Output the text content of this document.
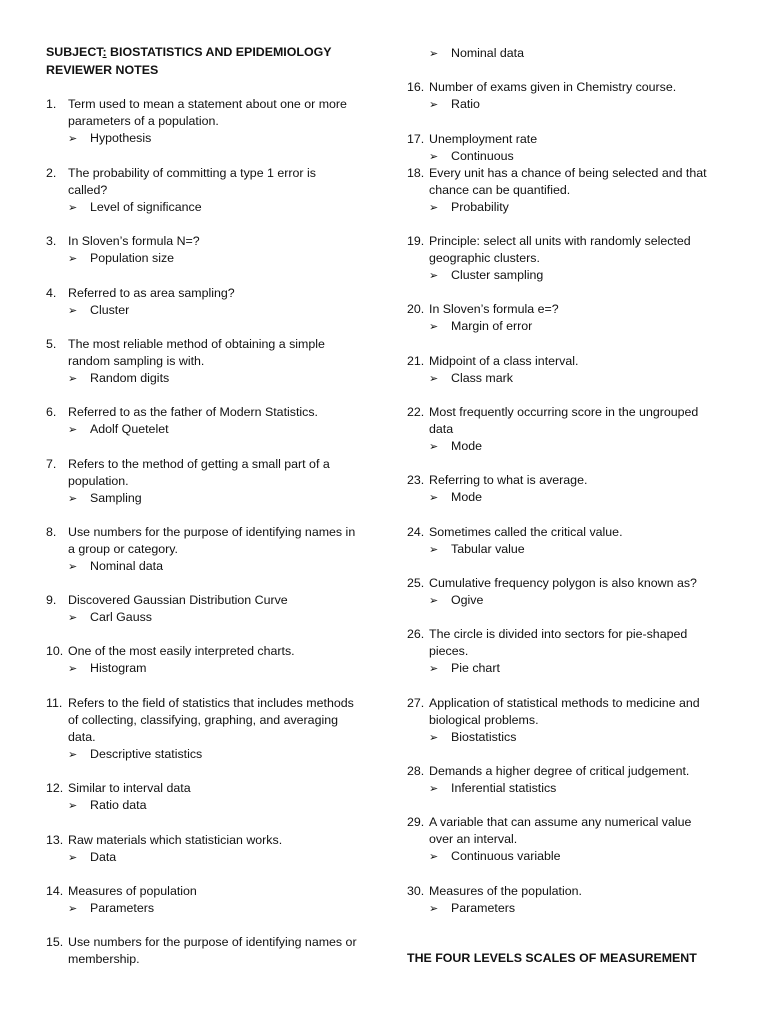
SUBJECT: BIOSTATISTICS AND EPIDEMIOLOGY
REVIEWER NOTES
1. Term used to mean a statement about one or more
parameters of a population.
➢ Hypothesis
2. The probability of committing a type 1 error is
called?
➢ Level of significance
3. In Sloven’s formula N=?
➢ Population size
4. Referred to as area sampling?
➢ Cluster
5. The most reliable method of obtaining a simple
random sampling is with.
➢ Random digits
6. Referred to as the father of Modern Statistics.
➢ Adolf Quetelet
7. Refers to the method of getting a small part of a
population.
➢ Sampling
8. Use numbers for the purpose of identifying names in
a group or category.
➢ Nominal data
9. Discovered Gaussian Distribution Curve
➢ Carl Gauss
10. One of the most easily interpreted charts.
➢ Histogram
11. Refers to the field of statistics that includes methods
of collecting, classifying, graphing, and averaging
data.
➢ Descriptive statistics
12. Similar to interval data
➢ Ratio data
13. Raw materials which statistician works.
➢ Data
14. Measures of population
➢ Parameters
15. Use numbers for the purpose of identifying names or
membership.
16. Number of exams given in Chemistry course.
➢ Ratio
17. Unemployment rate
➢ Continuous
18. Every unit has a chance of being selected and that
chance can be quantified.
➢ Probability
19. Principle: select all units with randomly selected
geographic clusters.
➢ Cluster sampling
20. In Sloven’s formula e=?
➢ Margin of error
21. Midpoint of a class interval.
➢ Class mark
22. Most frequently occurring score in the ungrouped
data
➢ Mode
23. Referring to what is average.
➢ Mode
24. Sometimes called the critical value.
➢ Tabular value
25. Cumulative frequency polygon is also known as?
➢ Ogive
26. The circle is divided into sectors for pie-shaped
pieces.
➢ Pie chart
27. Application of statistical methods to medicine and
biological problems.
➢ Biostatistics
28. Demands a higher degree of critical judgement.
➢ Inferential statistics
29. A variable that can assume any numerical value
over an interval.
➢ Continuous variable
30. Measures of the population.
➢ Parameters
➢ Nominal data
THE FOUR LEVELS SCALES OF MEASUREMENT
